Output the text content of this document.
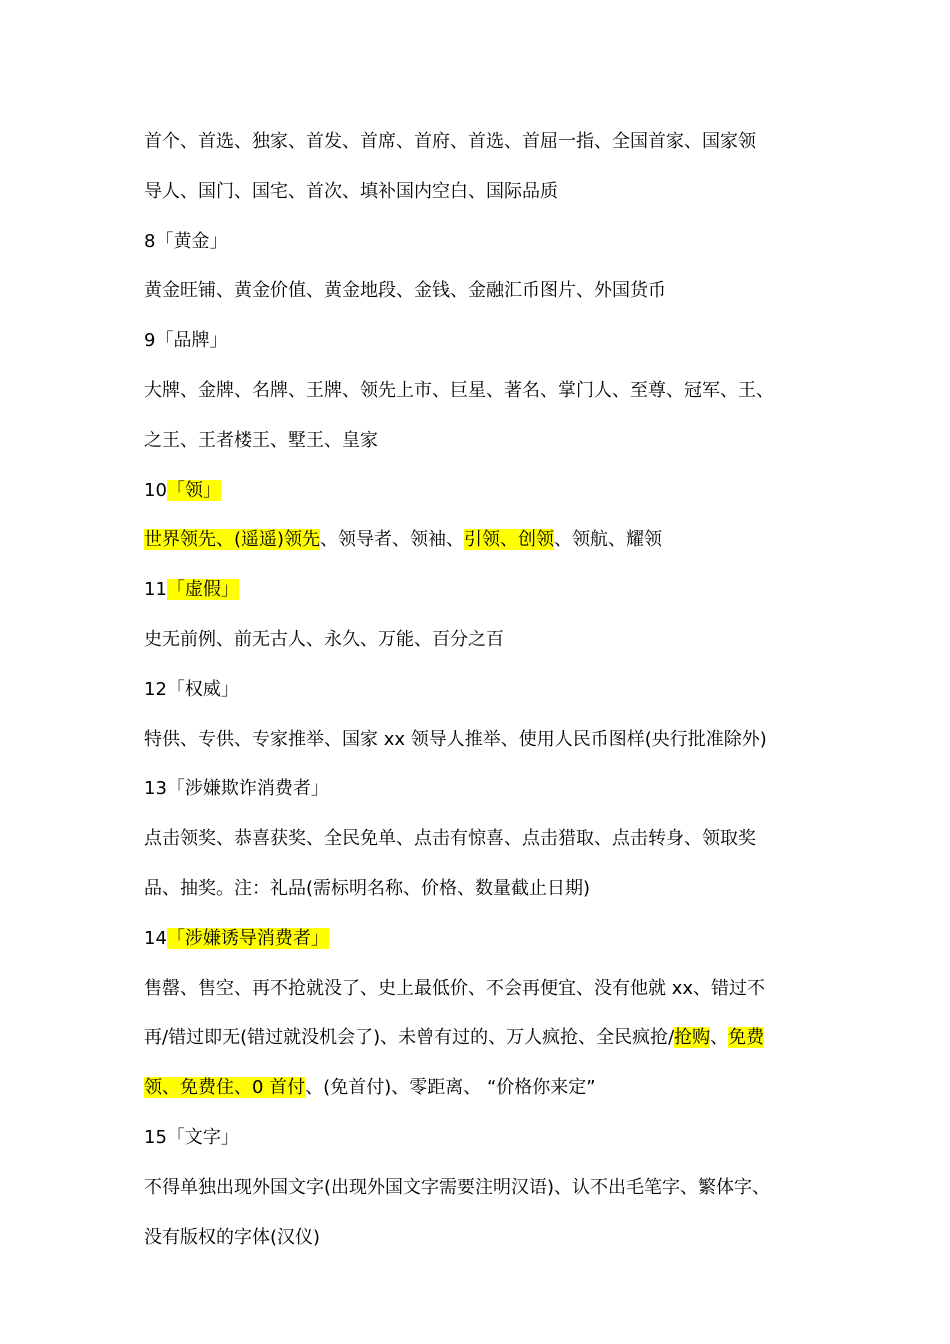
首个、首选、独家、首发、首席、首府、首选、首屈一指、全国首家、国家领
导人、国门、国宅、首次、填补国内空白、国际品质
8「黄金」
黄金旺铺、黄金价值、黄金地段、金钱、金融汇币图片、外国货币
9「品牌」
大牌、金牌、名牌、王牌、领先上市、巨星、著名、掌门人、至尊、冠军、王、
之王、王者楼王、墅王、皇家
10「领」
世界领先、(遥遥)领先、领导者、领袖、引领、创领、领航、耀领
11「虚假」
史无前例、前无古人、永久、万能、百分之百
12「权威」
特供、专供、专家推举、国家 xx 领导人推举、使用人民币图样(央行批准除外)
13「涉嫌欺诈消费者」
点击领奖、恭喜获奖、全民免单、点击有惊喜、点击猎取、点击转身、领取奖
品、抽奖。注：礼品(需标明名称、价格、数量截止日期)
14「涉嫌诱导消费者」
售罄、售空、再不抢就没了、史上最低价、不会再便宜、没有他就 xx、错过不
再/错过即无(错过就没机会了)、未曾有过的、万人疯抢、全民疯抢/抢购、免费
领、免费住、0 首付、(免首付)、零距离、 “价格你来定”
15「文字」
不得单独出现外国文字(出现外国文字需要注明汉语)、认不出毛笔字、繁体字、
没有版权的字体(汉仪)
